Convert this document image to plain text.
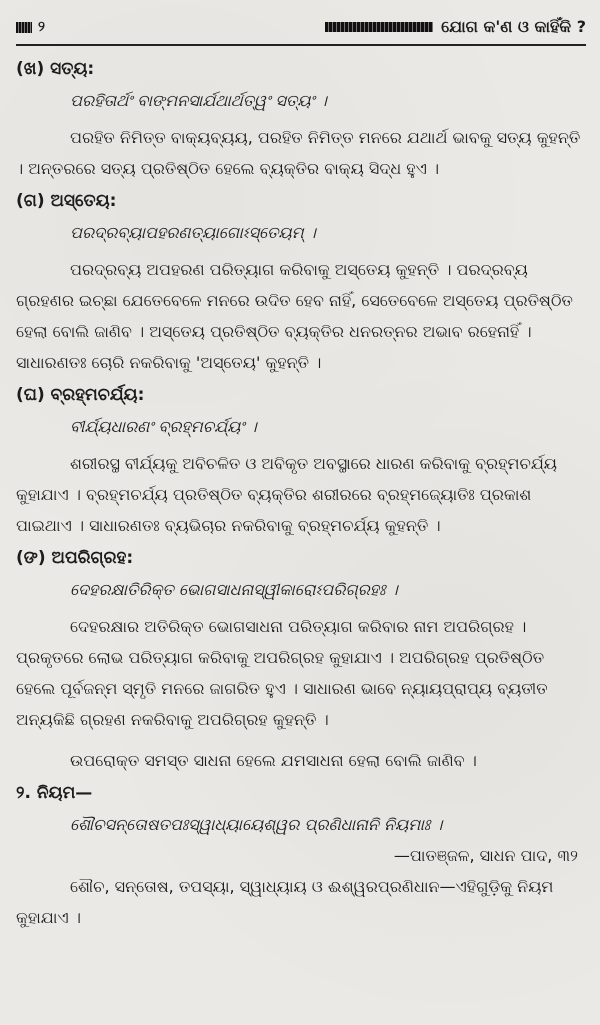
୨	ଯୋଗ କ'ଣ ଓ କାହିଁକି ?
(ଖ) ସତ୍ୟ:
ପରହିତାର୍ଥଂ ବାଙ୍ମନସାର୍ଯଥାର୍ଥତ୍ୱଂ ସତ୍ୟଂ ।
ପରହିତ ନିମିତ୍ତ ବାକ୍ୟବ୍ୟୟ, ପରହିତ ନିମିତ୍ତ ମନରେ ଯଥାର୍ଥ ଭାବକୁ ସତ୍ୟ କୁହନ୍ତି । ଅନ୍ତରରେ ସତ୍ୟ ପ୍ରତିଷ୍ଠିତ ହେଲେ ବ୍ୟକ୍ତିର ବାକ୍ୟ ସିଦ୍ଧ ହୁଏ ।
(ଗ) ଅସ୍ତେୟ:
ପରଦ୍ରବ୍ୟାପହରଣତ୍ୟାଗୋଽସ୍ତେୟମ୍ ।
ପରଦ୍ରବ୍ୟ ଅପହରଣ ପରିତ୍ୟାଗ କରିବାକୁ ଅସ୍ତେୟ କୁହନ୍ତି । ପରଦ୍ରବ୍ୟ ଗ୍ରହଣର ଇଚ୍ଛା ଯେତେବେଳେ ମନରେ ଉଦିତ ହେବ ନାହିଁ, ସେତେବେଳେ ଅସ୍ତେୟ ପ୍ରତିଷ୍ଠିତ ହେଲା ବୋଲି ଜାଣିବ । ଅସ୍ତେୟ ପ୍ରତିଷ୍ଠିତ ବ୍ୟକ୍ତିର ଧନରତ୍ନର ଅଭାବ ରହେନାହିଁ । ସାଧାରଣତଃ ଚୋରି ନକରିବାକୁ 'ଅସ୍ତେୟ' କୁହନ୍ତି ।
(ଘ) ବ୍ରହ୍ମଚର୍ଯ୍ୟ:
ବୀର୍ଯ୍ୟଧାରଣଂ ବ୍ରହ୍ମଚର୍ଯ୍ୟଂ ।
ଶରୀରସ୍ଥ ବୀର୍ଯ୍ୟକୁ ଅବିଚଳିତ ଓ ଅବିକୃତ ଅବସ୍ଥାରେ ଧାରଣ କରିବାକୁ ବ୍ରହ୍ମଚର୍ଯ୍ୟ କୁହାଯାଏ । ବ୍ରହ୍ମଚର୍ଯ୍ୟ ପ୍ରତିଷ୍ଠିତ ବ୍ୟକ୍ତିର ଶରୀରରେ ବ୍ରହ୍ମଜ୍ୟୋତିଃ ପ୍ରକାଶ ପାଇଥାଏ । ସାଧାରଣତଃ ବ୍ୟଭିଚାର ନକରିବାକୁ ବ୍ରହ୍ମଚର୍ଯ୍ୟ କୁହନ୍ତି ।
(ଙ) ଅପରିଗ୍ରହ:
ଦେହରକ୍ଷାତିରିକ୍ତ ଭୋଗସାଧନାସ୍ୱୀକାରୋଽପରିଗ୍ରହଃ ।
ଦେହରକ୍ଷାର ଅତିରିକ୍ତ ଭୋଗସାଧନା ପରିତ୍ୟାଗ କରିବାର ନାମ ଅପରିଗ୍ରହ । ପ୍ରକୃତରେ ଲୋଭ ପରିତ୍ୟାଗ କରିବାକୁ ଅପରିଗ୍ରହ କୁହାଯାଏ । ଅପରିଗ୍ରହ ପ୍ରତିଷ୍ଠିତ ହେଲେ ପୂର୍ବଜନ୍ମ ସ୍ମୃତି ମନରେ ଜାଗରିତ ହୁଏ । ସାଧାରଣ ଭାବେ ନ୍ୟାୟପ୍ରାପ୍ୟ ବ୍ୟତୀତ ଅନ୍ୟକିଛି ଗ୍ରହଣ ନକରିବାକୁ ଅପରିଗ୍ରହ କୁହନ୍ତି ।
ଉପରୋକ୍ତ ସମସ୍ତ ସାଧନା ହେଲେ ଯମସାଧନା ହେଲା ବୋଲି ଜାଣିବ ।
୨. ନିୟମ—
ଶୌଚସନ୍ତୋଷତପଃସ୍ୱାଧ୍ୟାୟେଶ୍ୱର ପ୍ରଣିଧାନାନି ନିୟମାଃ ।
—ପାତଞ୍ଜଳ, ସାଧନ ପାଦ, ୩୨
ଶୌଚ, ସନ୍ତୋଷ, ତପସ୍ୟା, ସ୍ୱାଧ୍ୟାୟ ଓ ଈଶ୍ୱରପ୍ରଣିଧାନ—ଏହିଗୁଡ଼ିକୁ ନିୟମ କୁହାଯାଏ ।
